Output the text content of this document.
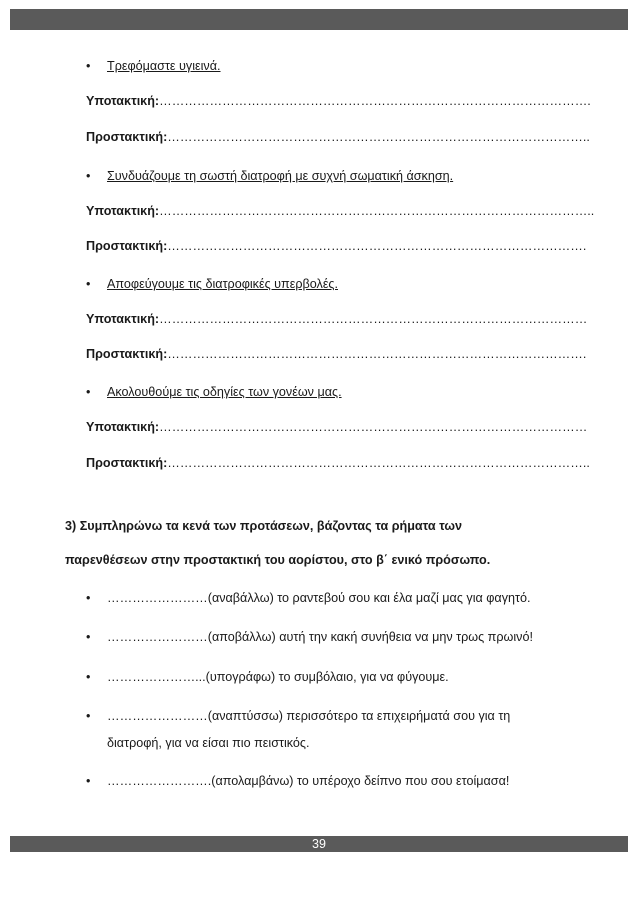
• Τρεφόμαστε υγιεινά.
Υποτακτική:………………………………………………………………………………………….
Προστακτική:………………………………………………………………………………………..
• Συνδυάζουμε τη σωστή διατροφή με συχνή σωματική άσκηση.
Υποτακτική:…………………………………………………………………………………………..
Προστακτική:……………………………………………………………………………………….
• Αποφεύγουμε τις διατροφικές υπερβολές.
Υποτακτική:…………………………………………………………………………………………
Προστακτική:……………………………………………………………………………………….
• Ακολουθούμε τις οδηγίες των γονέων μας.
Υποτακτική:…………………………………………………………………………………………
Προστακτική:………………………………………………………………………………………..
3) Συμπληρώνω τα κενά των προτάσεων, βάζοντας τα ρήματα των
παρενθέσεων στην προστακτική του αορίστου, στο β΄ ενικό πρόσωπο.
• ……………………(αναβάλλω) το ραντεβού σου και έλα μαζί μας για φαγητό.
• ……………………(αποβάλλω) αυτή την κακή συνήθεια να μην τρως πρωινό!
• …………………...(υπογράφω) το συμβόλαιο, για να φύγουμε.
• ……………………(αναπτύσσω) περισσότερο τα επιχειρήματά σου για τη
διατροφή, για να είσαι πιο πειστικός.
• …………………….(απολαμβάνω) το υπέροχο δείπνο που σου ετοίμασα!
39
